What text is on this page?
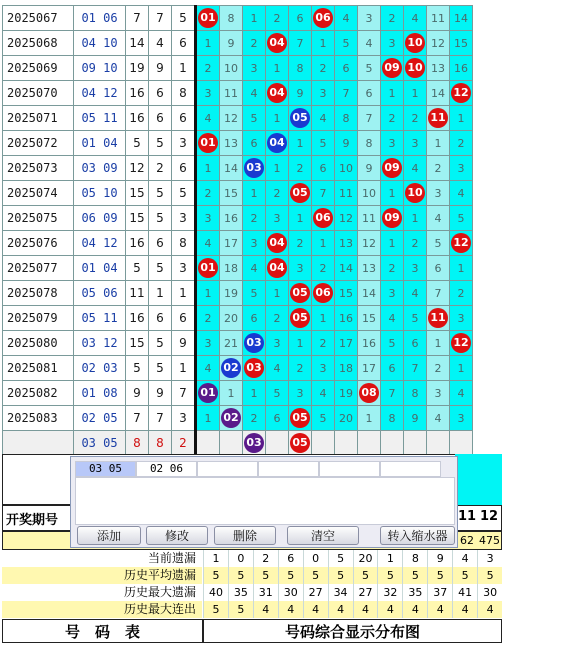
2025067	01 06	7	7	5	01	8	1	2	6	06	4	3	2	4	11	14
2025068	04 10	14	4	6	1	9	2	04	7	1	5	4	3	10	12	15
2025069	09 10	19	9	1	2	10	3	1	8	2	6	5	09	10	13	16
2025070	04 12	16	6	8	3	11	4	04	9	3	7	6	1	1	14	12
2025071	05 11	16	6	6	4	12	5	1	05	4	8	7	2	2	11	1
2025072	01 04	5	5	3	01	13	6	04	1	5	9	8	3	3	1	2
2025073	03 09	12	2	6	1	14	03	1	2	6	10	9	09	4	2	3
2025074	05 10	15	5	5	2	15	1	2	05	7	11	10	1	10	3	4
2025075	06 09	15	5	3	3	16	2	3	1	06	12	11	09	1	4	5
2025076	04 12	16	6	8	4	17	3	04	2	1	13	12	1	2	5	12
2025077	01 04	5	5	3	01	18	4	04	3	2	14	13	2	3	6	1
2025078	05 06	11	1	1	1	19	5	1	05	06	15	14	3	4	7	2
2025079	05 11	16	6	6	2	20	6	2	05	1	16	15	4	5	11	3
2025080	03 12	15	5	9	3	21	03	3	1	2	17	16	5	6	1	12
2025081	02 03	5	5	1	4	02	03	4	2	3	18	17	6	7	2	1
2025082	01 08	9	9	7	01	1	1	5	3	4	19	08	7	8	3	4
2025083	02 05	7	7	3	1	02	2	6	05	5	20	1	8	9	4	3
	03 05	8	8	2			03		05							
开奖期号	11 12
62 475
当前遗漏	1	0	2	6	0	5	20	1	8	9	4	3
历史平均遗漏	5	5	5	5	5	5	5	5	5	5	5	5
历史最大遗漏	40 35 31 30 27 34 27 32 35 37 41 30
历史最大连出	5	5	4	4	4	4	4	4	4	4	4	4
号　码　表	号码综合显示分布图
03 05	02 06
添加	修改	删除	清空	转入缩水器
